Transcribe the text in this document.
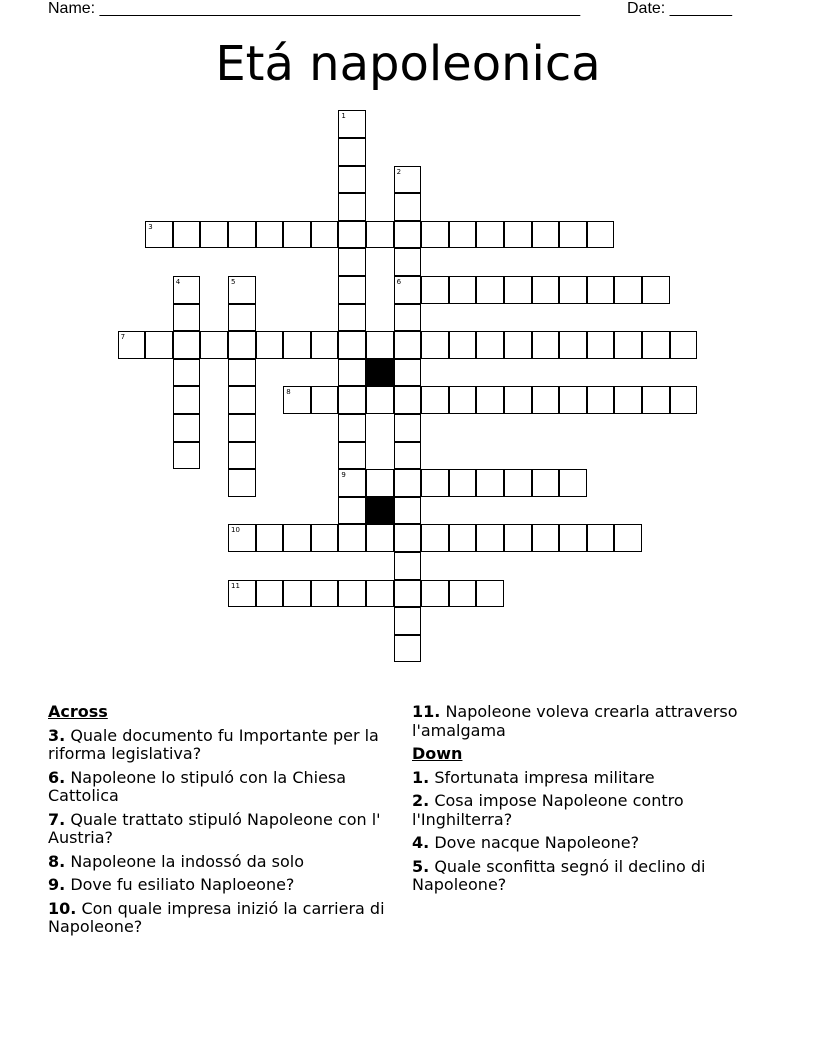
Name: ______________________________________________________	Date: _______
Etá napoleonica
1
2
3
4	5	6
7
8
9
10
11
Across
3. Quale documento fu Importante per la riforma legislativa?
6. Napoleone lo stipuló con la Chiesa Cattolica
7. Quale trattato stipuló Napoleone con l' Austria?
8. Napoleone la indossó da solo
9. Dove fu esiliato Naploeone?
10. Con quale impresa inizió la carriera di Napoleone?
11. Napoleone voleva crearla attraverso l'amalgama
Down
1. Sfortunata impresa militare
2. Cosa impose Napoleone contro l'Inghilterra?
4. Dove nacque Napoleone?
5. Quale sconfitta segnó il declino di Napoleone?
